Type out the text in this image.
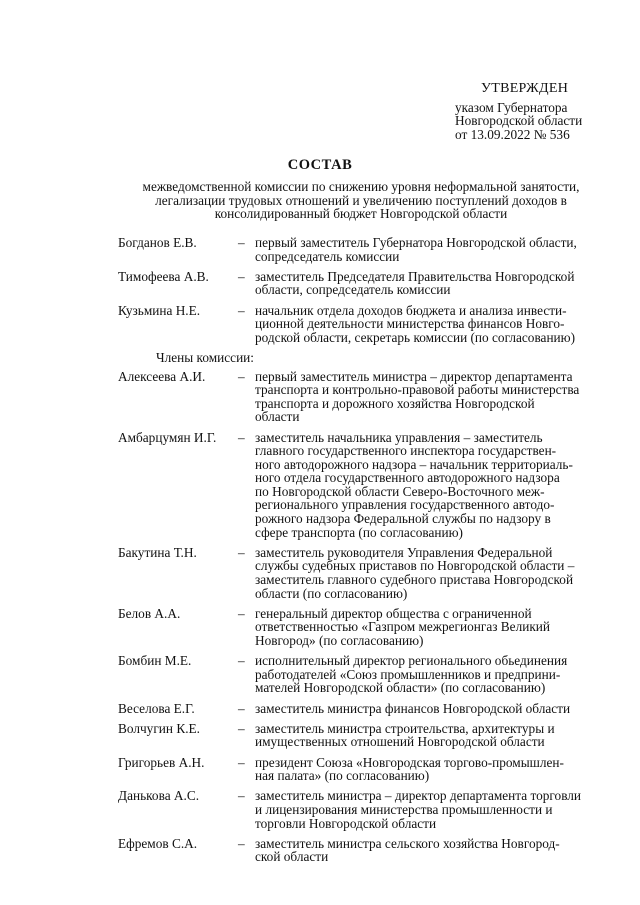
УТВЕРЖДЕН
указом Губернатора
Новгородской области
от 13.09.2022 № 536
СОСТАВ
межведомственной комиссии по снижению уровня неформальной занятости,
легализации трудовых отношений и увеличению поступлений доходов в
консолидированный бюджет Новгородской области
Богданов Е.В.	– первый заместитель Губернатора Новгородской области,
сопредседатель комиссии
Тимофеева А.В. – заместитель Председателя Правительства Новгородской
области, сопредседатель комиссии
Кузьмина Н.Е.	– начальник отдела доходов бюджета и анализа инвести-
ционной деятельности министерства финансов Новго-
родской области, секретарь комиссии (по согласованию)
Члены комиссии:
Алексеева А.И. – первый заместитель министра – директор департамента
транспорта и контрольно-правовой работы министерства
транспорта и дорожного хозяйства Новгородской
области
Амбарцумян И.Г. – заместитель начальника управления – заместитель
главного государственного инспектора государствен-
ного автодорожного надзора – начальник территориаль-
ного отдела государственного автодорожного надзора
по Новгородской области Северо-Восточного меж-
регионального управления государственного автодо-
рожного надзора Федеральной службы по надзору в
сфере транспорта (по согласованию)
Бакутина Т.Н.	– заместитель руководителя Управления Федеральной
службы судебных приставов по Новгородской области –
заместитель главного судебного пристава Новгородской
области (по согласованию)
Белов А.А.	– генеральный директор общества с ограниченной
ответственностью «Газпром межрегионгаз Великий
Новгород» (по согласованию)
Бомбин М.Е.	– исполнительный директор регионального обьединения
работодателей «Союз промышленников и предприни-
мателей Новгородской области» (по согласованию)
Веселова Е.Г.	– заместитель министра финансов Новгородской области
Волчугин К.Е.	– заместитель министра строительства, архитектуры и
имущественных отношений Новгородской области
Григорьев А.Н.	– президент Союза «Новгородская торгово-промышлен-
ная палата» (по согласованию)
Данькова А.С.	– заместитель министра – директор департамента торговли
и лицензирования министерства промышленности и
торговли Новгородской области
Ефремов С.А.	– заместитель министра сельского хозяйства Новгород-
ской области
